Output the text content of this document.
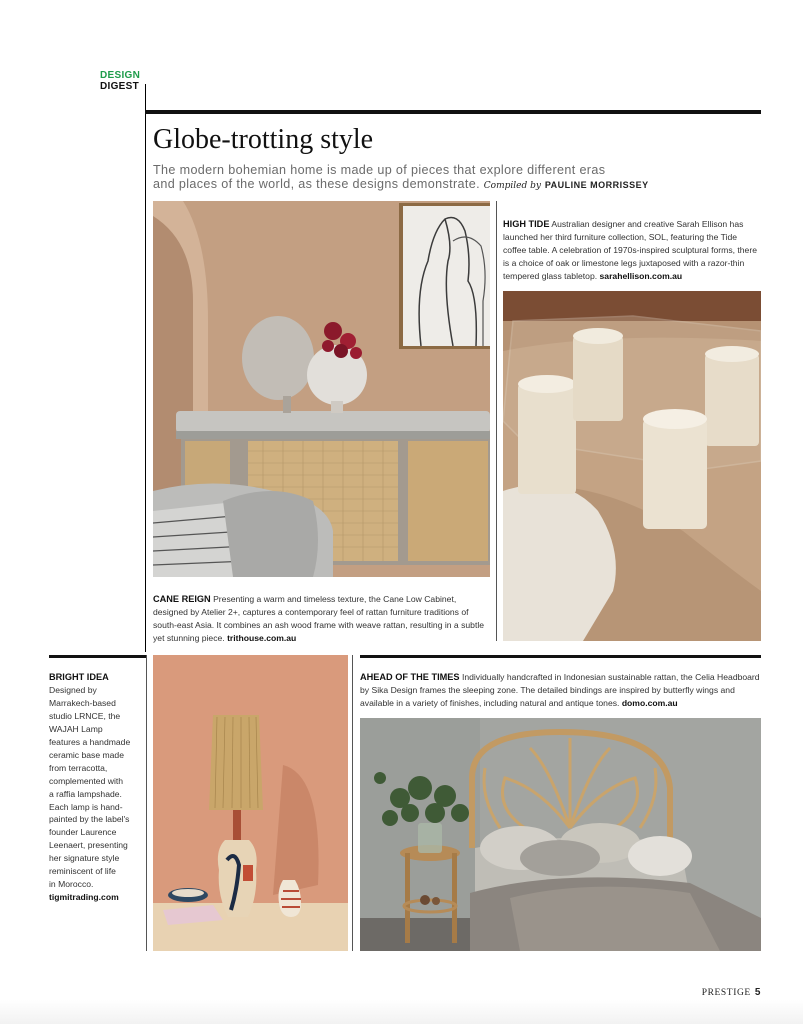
DESIGN
DIGEST
Globe-trotting style
The modern bohemian home is made up of pieces that explore different eras
and places of the world, as these designs demonstrate. Compiled by PAULINE MORRISSEY
CANE REIGN Presenting a warm and timeless texture, the Cane Low Cabinet, designed by Atelier 2+, captures a contemporary feel of rattan furniture traditions of south-east Asia. It combines an ash wood frame with weave rattan, resulting in a subtle yet stunning piece. trithouse.com.au
HIGH TIDE Australian designer and creative Sarah Ellison has launched her third furniture collection, SOL, featuring the Tide coffee table. A celebration of 1970s-inspired sculptural forms, there is a choice of oak or limestone legs juxtaposed with a razor-thin tempered glass tabletop. sarahellison.com.au
BRIGHT IDEA
Designed by
Marrakech-based
studio LRNCE, the
WAJAH Lamp
features a handmade
ceramic base made
from terracotta,
complemented with
a raffia lampshade.
Each lamp is hand-
painted by the label's
founder Laurence
Leenaert, presenting
her signature style
reminiscent of life
in Morocco.
tigmitrading.com
AHEAD OF THE TIMES Individually handcrafted in Indonesian sustainable rattan, the Celia Headboard by Sika Design frames the sleeping zone. The detailed bindings are inspired by butterfly wings and available in a variety of finishes, including natural and antique tones. domo.com.au
PRESTIGE 5
